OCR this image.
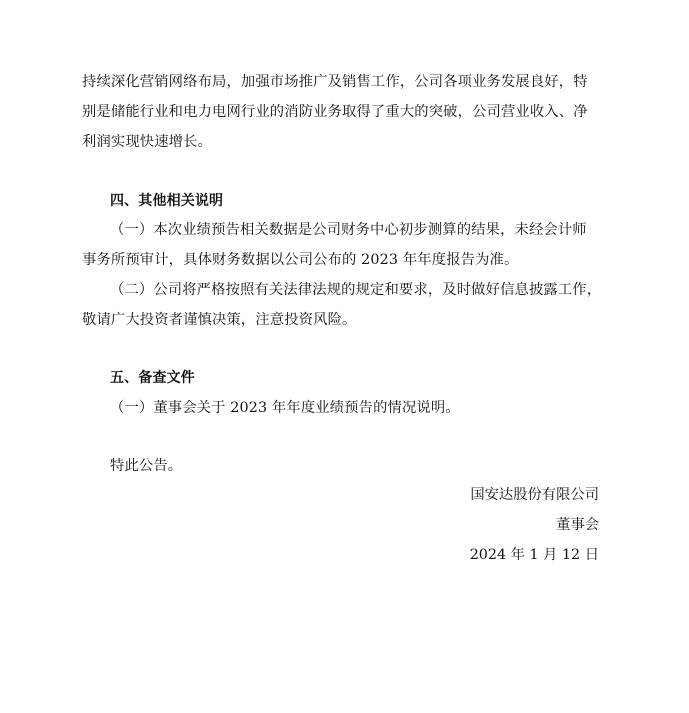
持续深化营销网络布局，加强市场推广及销售工作，公司各项业务发展良好，特
别是储能行业和电力电网行业的消防业务取得了重大的突破，公司营业收入、净
利润实现快速增长。
四、其他相关说明
（一）本次业绩预告相关数据是公司财务中心初步测算的结果，未经会计师
事务所预审计，具体财务数据以公司公布的 2023 年年度报告为准。
（二）公司将严格按照有关法律法规的规定和要求，及时做好信息披露工作，
敬请广大投资者谨慎决策，注意投资风险。
五、备查文件
（一）董事会关于 2023 年年度业绩预告的情况说明。
特此公告。
国安达股份有限公司
董事会
2024 年 1 月 12 日
